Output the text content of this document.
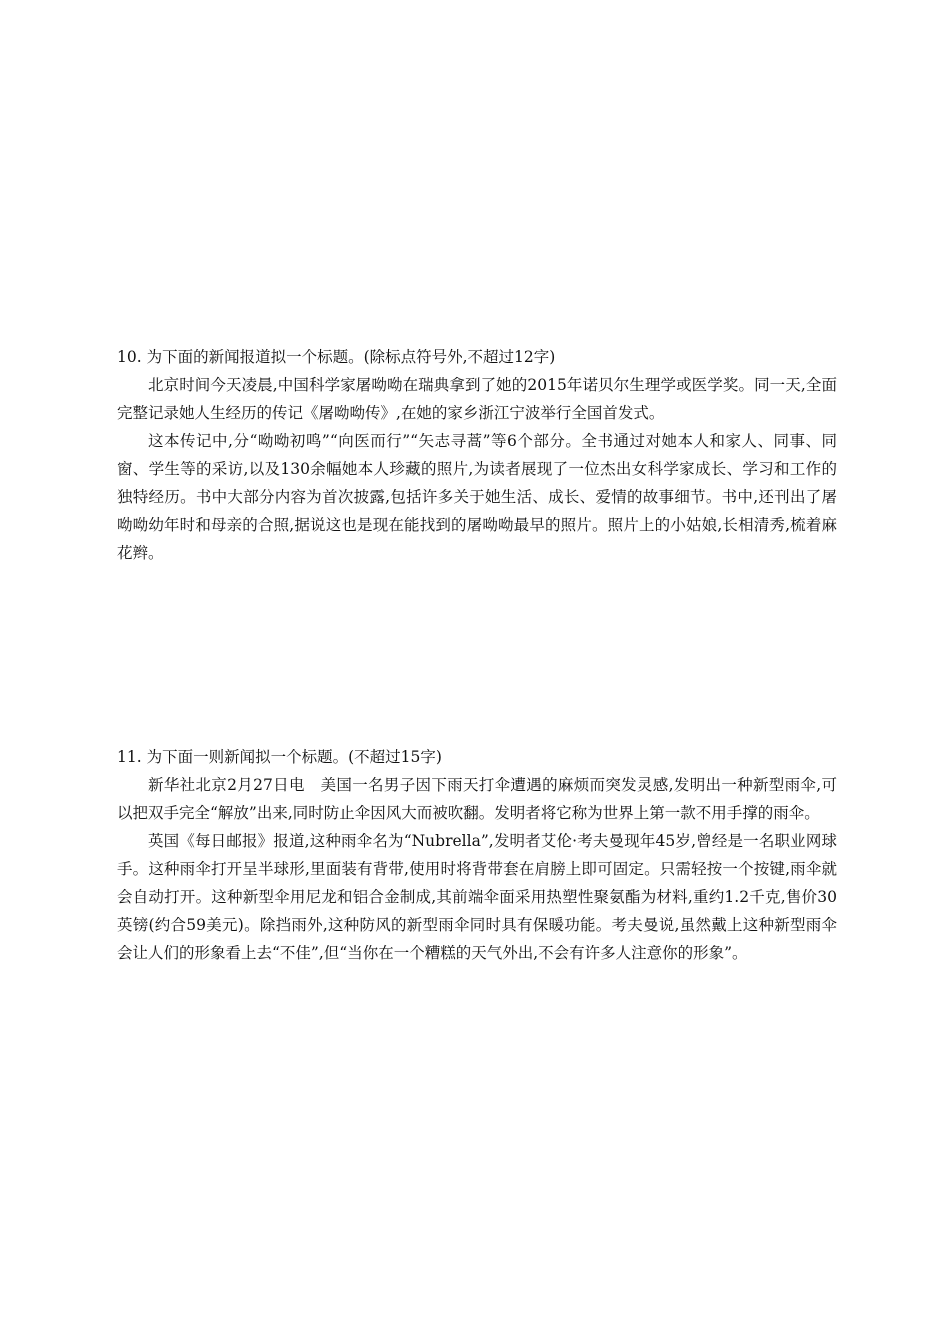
10. 为下面的新闻报道拟一个标题。(除标点符号外,不超过12字)

北京时间今天凌晨,中国科学家屠呦呦在瑞典拿到了她的2015年诺贝尔生理学或医学奖。同一天,全面完整记录她人生经历的传记《屠呦呦传》,在她的家乡浙江宁波举行全国首发式。

这本传记中,分“呦呦初鸣”“向医而行”“矢志寻蒿”等6个部分。全书通过对她本人和家人、同事、同窗、学生等的采访,以及130余幅她本人珍藏的照片,为读者展现了一位杰出女科学家成长、学习和工作的独特经历。书中大部分内容为首次披露,包括许多关于她生活、成长、爱情的故事细节。书中,还刊出了屠呦呦幼年时和母亲的合照,据说这也是现在能找到的屠呦呦最早的照片。照片上的小姑娘,长相清秀,梳着麻花辫。

11. 为下面一则新闻拟一个标题。(不超过15字)

新华社北京2月27日电　美国一名男子因下雨天打伞遭遇的麻烦而突发灵感,发明出一种新型雨伞,可以把双手完全“解放”出来,同时防止伞因风大而被吹翻。发明者将它称为世界上第一款不用手撑的雨伞。

英国《每日邮报》报道,这种雨伞名为“Nubrella”,发明者艾伦·考夫曼现年45岁,曾经是一名职业网球手。这种雨伞打开呈半球形,里面装有背带,使用时将背带套在肩膀上即可固定。只需轻按一个按键,雨伞就会自动打开。这种新型伞用尼龙和铝合金制成,其前端伞面采用热塑性聚氨酯为材料,重约1.2千克,售价30英镑(约合59美元)。除挡雨外,这种防风的新型雨伞同时具有保暖功能。考夫曼说,虽然戴上这种新型雨伞会让人们的形象看上去“不佳”,但“当你在一个糟糕的天气外出,不会有许多人注意你的形象”。
